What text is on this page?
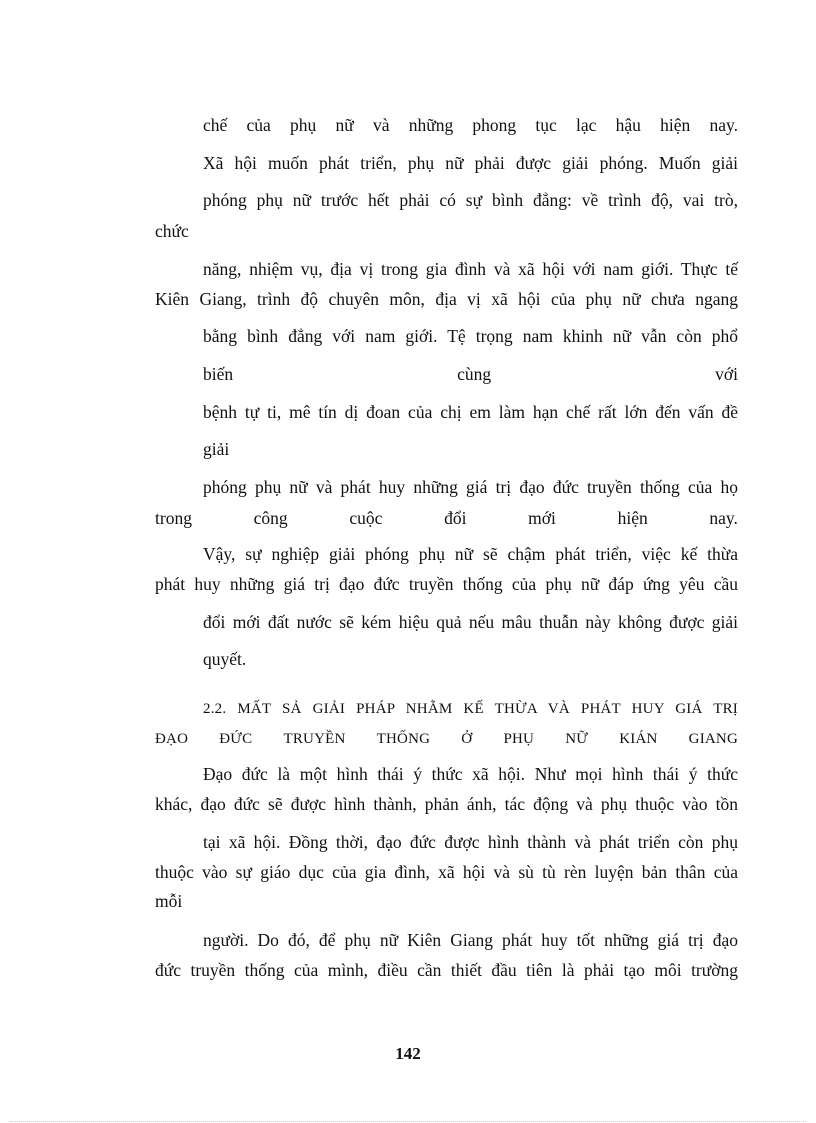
chế của phụ nữ và những phong tục lạc hậu hiện nay.
Xã hội muốn phát triển, phụ nữ phải được giải phóng. Muốn giải
phóng phụ nữ trước hết phải có sự bình đẳng: về trình độ, vai trò,
chức
năng, nhiệm vụ, địa vị trong gia đình và xã hội với nam giới. Thực tế
Kiên Giang, trình độ chuyên môn, địa vị xã hội của phụ nữ chưa ngang
bằng bình đẳng với nam giới. Tệ trọng nam khinh nữ vẫn còn phổ
biến	cùng	với
bệnh tự ti, mê tín dị đoan của chị em làm hạn chế rất lớn đến vấn đề
giải
phóng phụ nữ và phát huy những giá trị đạo đức truyền thống của họ
trong	công	cuộc	đổi	mới	hiện	nay.
Vậy, sự nghiệp giải phóng phụ nữ sẽ chậm phát triển, việc kế thừa
phát huy những giá trị đạo đức truyền thống của phụ nữ đáp ứng yêu cầu
đổi mới đất nước sẽ kém hiệu quả nếu mâu thuẫn này không được giải
quyết.
2.2. MẤT SẢ GIẢI PHÁP NHẰM KẾ THỪA VÀ PHÁT HUY GIÁ TRỊ
ĐẠO ĐỨC TRUYỀN THỐNG Ở PHỤ NỮ KIÁN GIANG
Đạo đức là một hình thái ý thức xã hội. Như mọi hình thái ý thức
khác, đạo đức sẽ được hình thành, phản ánh, tác động và phụ thuộc vào tồn
tại xã hội. Đồng thời, đạo đức được hình thành và phát triển còn phụ
thuộc vào sự giáo dục của gia đình, xã hội và sù tù rèn luyện bản thân của
mỗi
người. Do đó, để phụ nữ Kiên Giang phát huy tốt những giá trị đạo
đức truyền thống của mình, điều cần thiết đầu tiên là phải tạo môi trường
142
